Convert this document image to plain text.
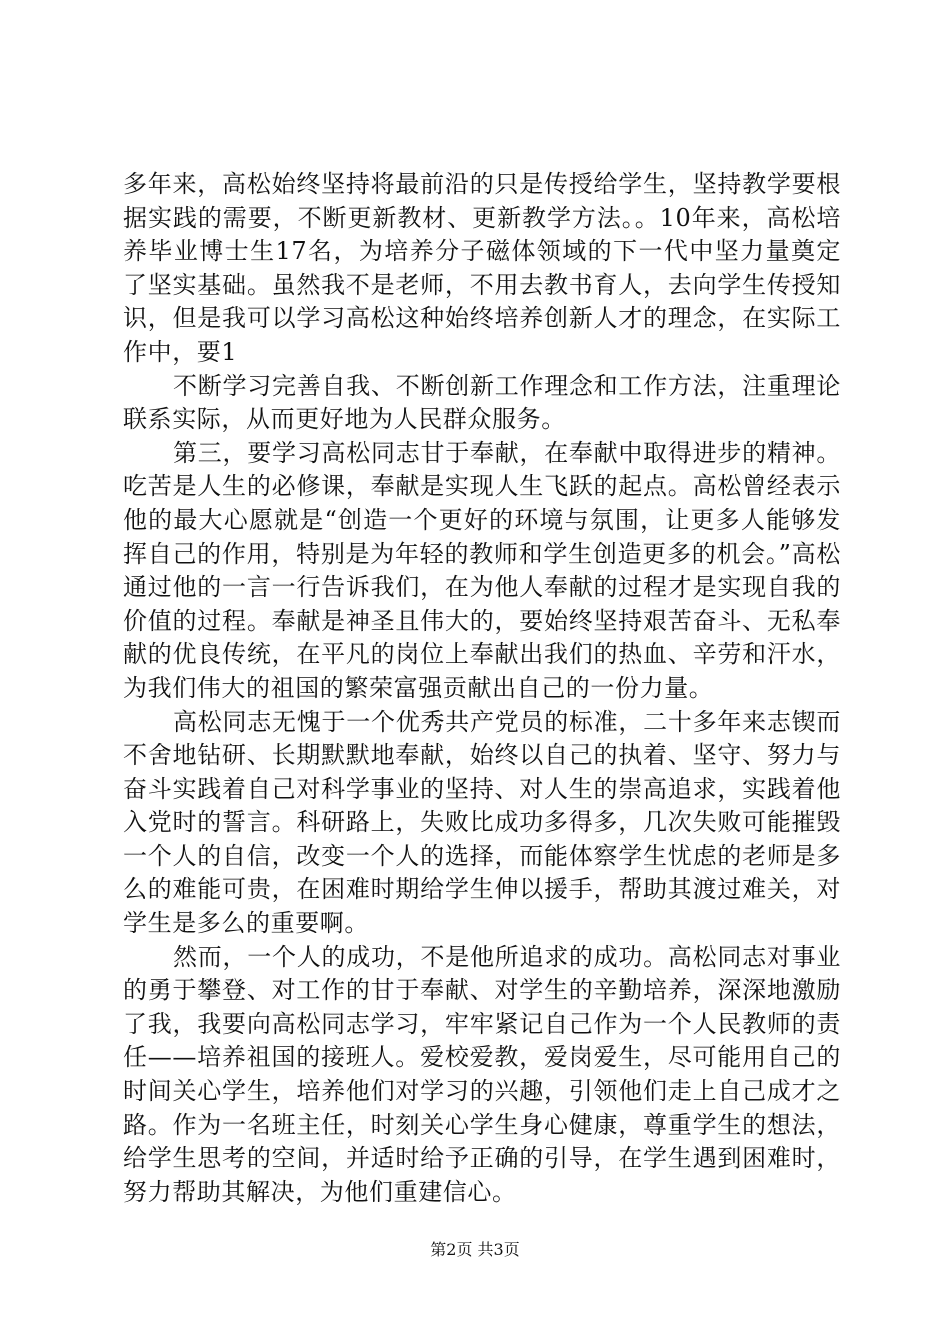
多年来，高松始终坚持将最前沿的只是传授给学生，坚持教学要根据实践的需要，不断更新教材、更新教学方法。。10年来，高松培养毕业博士生17名，为培养分子磁体领域的下一代中坚力量奠定了坚实基础。虽然我不是老师，不用去教书育人，去向学生传授知识，但是我可以学习高松这种始终培养创新人才的理念，在实际工作中，要1

不断学习完善自我、不断创新工作理念和工作方法，注重理论联系实际，从而更好地为人民群众服务。

第三，要学习高松同志甘于奉献，在奉献中取得进步的精神。吃苦是人生的必修课，奉献是实现人生飞跃的起点。高松曾经表示他的最大心愿就是“创造一个更好的环境与氛围，让更多人能够发挥自己的作用，特别是为年轻的教师和学生创造更多的机会。”高松通过他的一言一行告诉我们，在为他人奉献的过程才是实现自我的价值的过程。奉献是神圣且伟大的，要始终坚持艰苦奋斗、无私奉献的优良传统，在平凡的岗位上奉献出我们的热血、辛劳和汗水，为我们伟大的祖国的繁荣富强贡献出自己的一份力量。

高松同志无愧于一个优秀共产党员的标准，二十多年来志锲而不舍地钻研、长期默默地奉献，始终以自己的执着、坚守、努力与奋斗实践着自己对科学事业的坚持、对人生的崇高追求，实践着他入党时的誓言。科研路上，失败比成功多得多，几次失败可能摧毁一个人的自信，改变一个人的选择，而能体察学生忧虑的老师是多么的难能可贵，在困难时期给学生伸以援手，帮助其渡过难关，对学生是多么的重要啊。

然而，一个人的成功，不是他所追求的成功。高松同志对事业的勇于攀登、对工作的甘于奉献、对学生的辛勤培养，深深地激励了我，我要向高松同志学习，牢牢紧记自己作为一个人民教师的责任——培养祖国的接班人。爱校爱教，爱岗爱生，尽可能用自己的时间关心学生，培养他们对学习的兴趣，引领他们走上自己成才之路。作为一名班主任，时刻关心学生身心健康，尊重学生的想法，给学生思考的空间，并适时给予正确的引导，在学生遇到困难时，努力帮助其解决，为他们重建信心。

第2页 共3页
